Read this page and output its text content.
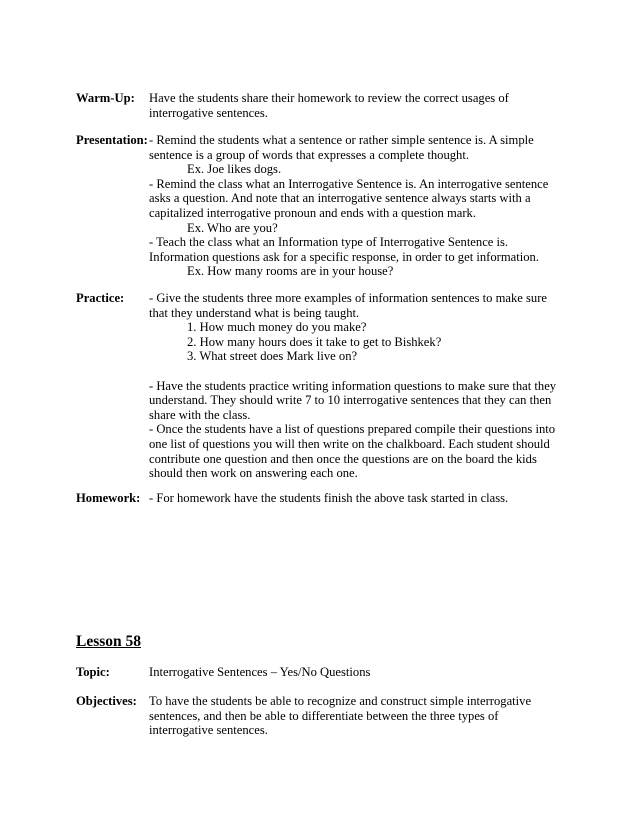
Warm-Up: Have the students share their homework to review the correct usages of
interrogative sentences.
Presentation: - Remind the students what a sentence or rather simple sentence is. A simple
sentence is a group of words that expresses a complete thought.
Ex. Joe likes dogs.
- Remind the class what an Interrogative Sentence is. An interrogative sentence
asks a question. And note that an interrogative sentence always starts with a
capitalized interrogative pronoun and ends with a question mark.
Ex. Who are you?
- Teach the class what an Information type of Interrogative Sentence is.
Information questions ask for a specific response, in order to get information.
Ex. How many rooms are in your house?
Practice: - Give the students three more examples of information sentences to make sure
that they understand what is being taught.
1. How much money do you make?
2. How many hours does it take to get to Bishkek?
3. What street does Mark live on?
- Have the students practice writing information questions to make sure that they
understand. They should write 7 to 10 interrogative sentences that they can then
share with the class.
- Once the students have a list of questions prepared compile their questions into
one list of questions you will then write on the chalkboard. Each student should
contribute one question and then once the questions are on the board the kids
should then work on answering each one.
Homework: - For homework have the students finish the above task started in class.
Lesson 58
Topic:	Interrogative Sentences – Yes/No Questions
Objectives: To have the students be able to recognize and construct simple interrogative
sentences, and then be able to differentiate between the three types of
interrogative sentences.
